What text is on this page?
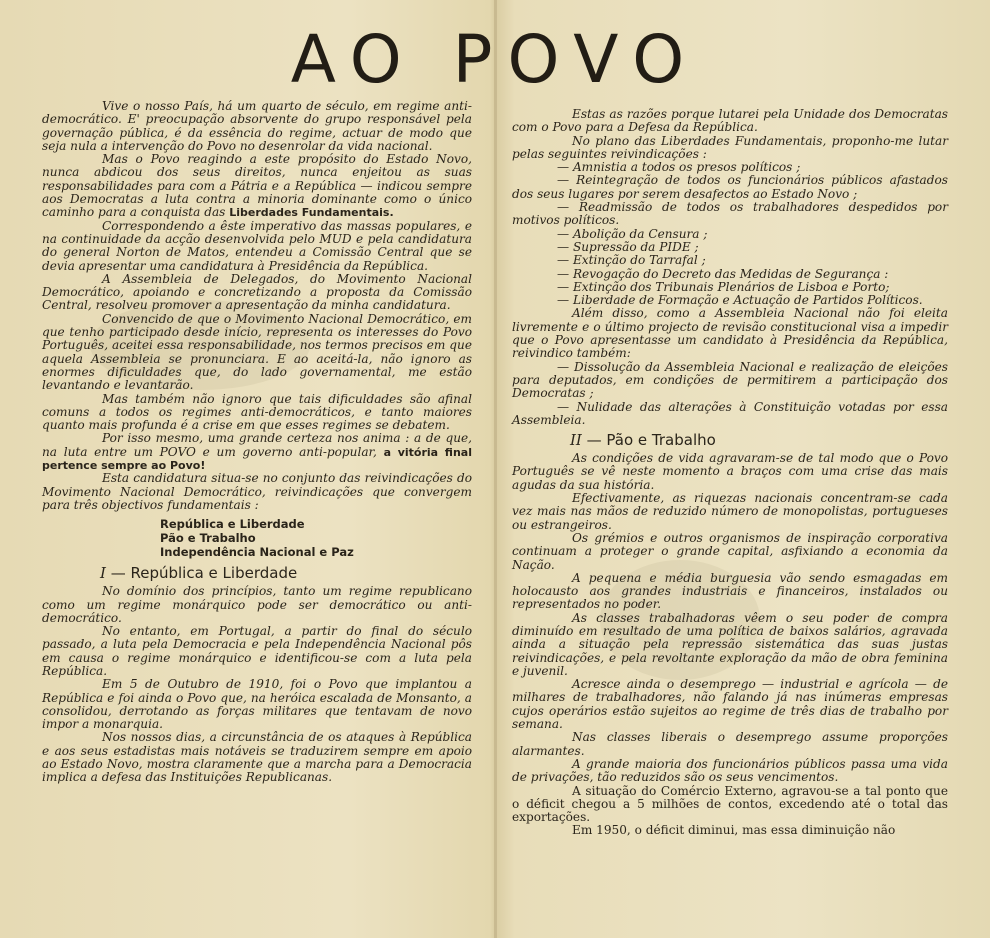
AO POVO

Vive o nosso País, há um quarto de século, em regime anti-democrático. E' preocupação absorvente do grupo responsável pela governação pública, é da essência do regime, actuar de modo que seja nula a intervenção do Povo no desenrolar da vida nacional.

Mas o Povo reagindo a este propósito do Estado Novo, nunca abdicou dos seus direitos, nunca enjeitou as suas responsabilidades para com a Pátria e a República — indicou sempre aos Democratas a luta contra a minoria dominante como o único caminho para a conquista das Liberdades Fundamentais.

Correspondendo a êste imperativo das massas populares, e na continuidade da acção desenvolvida pelo MUD e pela candidatura do general Norton de Matos, entendeu a Comissão Central que se devia apresentar uma candidatura à Presidência da República.

A Assembleia de Delegados, do Movimento Nacional Democrático, apoiando e concretizando a proposta da Comissão Central, resolveu promover a apresentação da minha candidatura.

Convencido de que o Movimento Nacional Democrático, em que tenho participado desde início, representa os interesses do Povo Português, aceitei essa responsabilidade, nos termos precisos em que aquela Assembleia se pronunciara. E ao aceitá-la, não ignoro as enormes dificuldades que, do lado governamental, me estão levantando e levantarão.

Mas também não ignoro que tais dificuldades são afinal comuns a todos os regimes anti-democráticos, e tanto maiores quanto mais profunda é a crise em que esses regimes se debatem.

Por isso mesmo, uma grande certeza nos anima : a de que, na luta entre um POVO e um governo anti-popular, a vitória final pertence sempre ao Povo!

Esta candidatura situa-se no conjunto das reivindicações do Movimento Nacional Democrático, reivindicações que convergem para três objectivos fundamentais :

República e Liberdade
Pão e Trabalho
Independência Nacional e Paz
I — República e Liberdade

No domínio dos princípios, tanto um regime republicano como um regime monárquico pode ser democrático ou anti-democrático.

No entanto, em Portugal, a partir do final do século passado, a luta pela Democracia e pela Independência Nacional pôs em causa o regime monárquico e identificou-se com a luta pela República.

Em 5 de Outubro de 1910, foi o Povo que implantou a República e foi ainda o Povo que, na heróica escalada de Monsanto, a consolidou, derrotando as forças militares que tentavam de novo impor a monarquia.

Nos nossos dias, a circunstância de os ataques à República e aos seus estadistas mais notáveis se traduzirem sempre em apoio ao Estado Novo, mostra claramente que a marcha para a Democracia implica a defesa das Instituições Republicanas.

Estas as razões porque lutarei pela Unidade dos Democratas com o Povo para a Defesa da República.

No plano das Liberdades Fundamentais, proponho-me lutar pelas seguintes reivindicações :

— Amnistia a todos os presos políticos ;

— Reintegração de todos os funcionários públicos afastados dos seus lugares por serem desafectos ao Estado Novo ;

— Readmissão de todos os trabalhadores despedidos por motivos políticos.

— Abolição da Censura ;

— Supressão da PIDE ;

— Extinção do Tarrafal ;

— Revogação do Decreto das Medidas de Segurança :

— Extinção dos Tribunais Plenários de Lisboa e Porto;

— Liberdade de Formação e Actuação de Partidos Políticos.

Além disso, como a Assembleia Nacional não foi eleita livremente e o último projecto de revisão constitucional visa a impedir que o Povo apresentasse um candidato à Presidência da República, reivindico também:

— Dissolução da Assembleia Nacional e realização de eleições para deputados, em condições de permitirem a participação dos Democratas ;

— Nulidade das alterações à Constituição votadas por essa Assembleia.

II — Pão e Trabalho

As condições de vida agravaram-se de tal modo que o Povo Português se vê neste momento a braços com uma crise das mais agudas da sua história.

Efectivamente, as riquezas nacionais concentram-se cada vez mais nas mãos de reduzido número de monopolistas, portugueses ou estrangeiros.

Os grémios e outros organismos de inspiração corporativa continuam a proteger o grande capital, asfixiando a economia da Nação.

A pequena e média burguesia vão sendo esmagadas em holocausto aos grandes industriais e financeiros, instalados ou representados no poder.

As classes trabalhadoras vêem o seu poder de compra diminuído em resultado de uma política de baixos salários, agravada ainda a situação pela repressão sistemática das suas justas reivindicações, e pela revoltante exploração da mão de obra feminina e juvenil.

Acresce ainda o desemprego — industrial e agrícola — de milhares de trabalhadores, não falando já nas inúmeras empresas cujos operários estão sujeitos ao regime de três dias de trabalho por semana.

Nas classes liberais o desemprego assume proporções alarmantes.

A grande maioria dos funcionários públicos passa uma vida de privações, tão reduzidos são os seus vencimentos.

A situação do Comércio Externo, agravou-se a tal ponto que o déficit chegou a 5 milhões de contos, excedendo até o total das exportações.

Em 1950, o déficit diminui, mas essa diminuição não
